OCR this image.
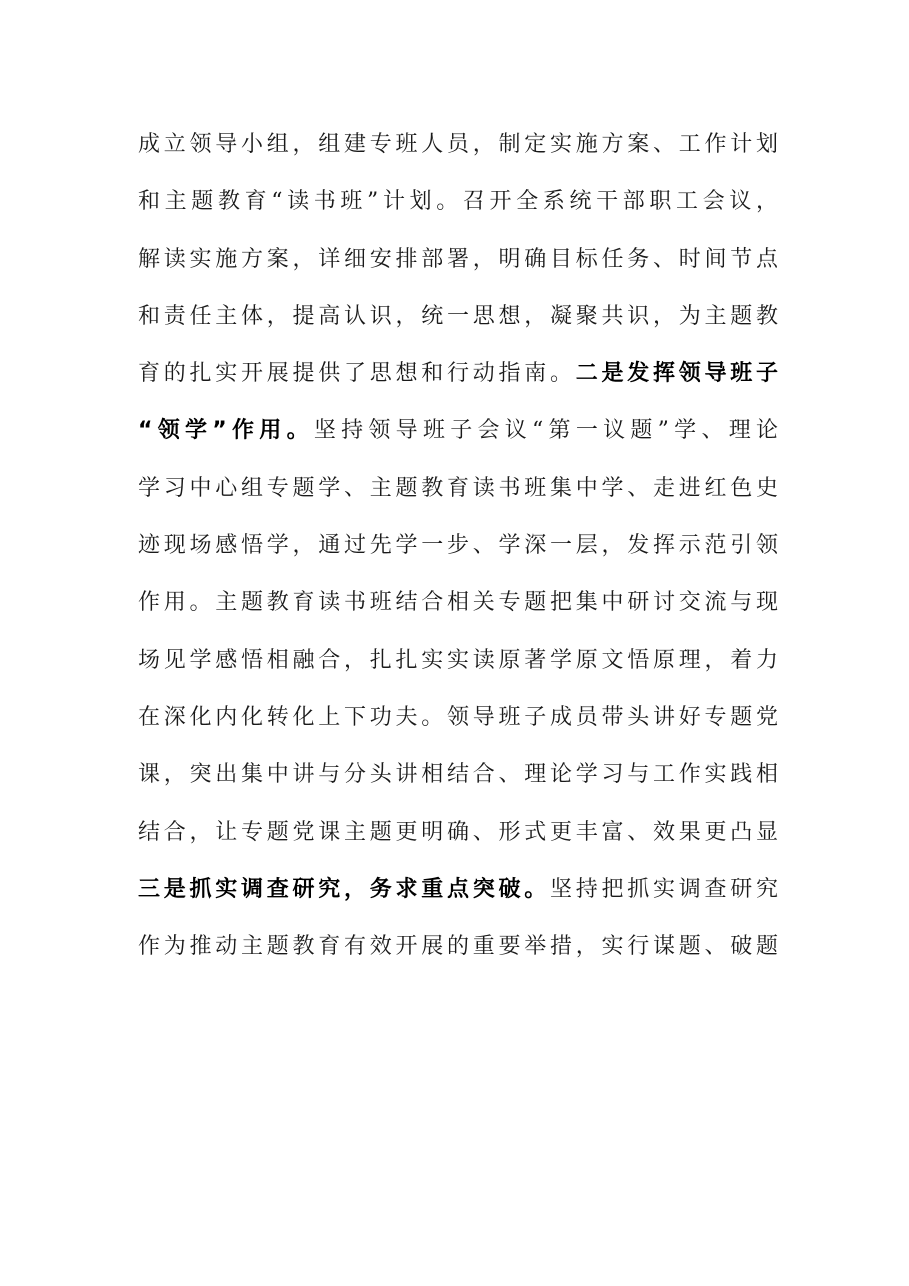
成立领导小组，组建专班人员，制定实施方案、工作计划
和主题教育“读书班”计划。召开全系统干部职工会议，
解读实施方案，详细安排部署，明确目标任务、时间节点
和责任主体，提高认识，统一思想，凝聚共识，为主题教
育的扎实开展提供了思想和行动指南。 二是发挥领导班子
“领学”作用。 坚持领导班子会议“第一议题”学、理论
学习中心组专题学、主题教育读书班集中学、走进红色史
迹现场感悟学，通过先学一步、学深一层，发挥示范引领
作用。主题教育读书班结合相关专题把集中研讨交流与现
场见学感悟相融合，扎扎实实读原著学原文悟原理，着力
在深化内化转化上下功夫。领导班子成员带头讲好专题党
课，突出集中讲与分头讲相结合、理论学习与工作实践相
结合，让专题党课主题更明确、形式更丰富、效果更凸显
三是抓实调查研究，务求重点突破。 坚持把抓实调查研究
作为推动主题教育有效开展的重要举措，实行谋题、破题
